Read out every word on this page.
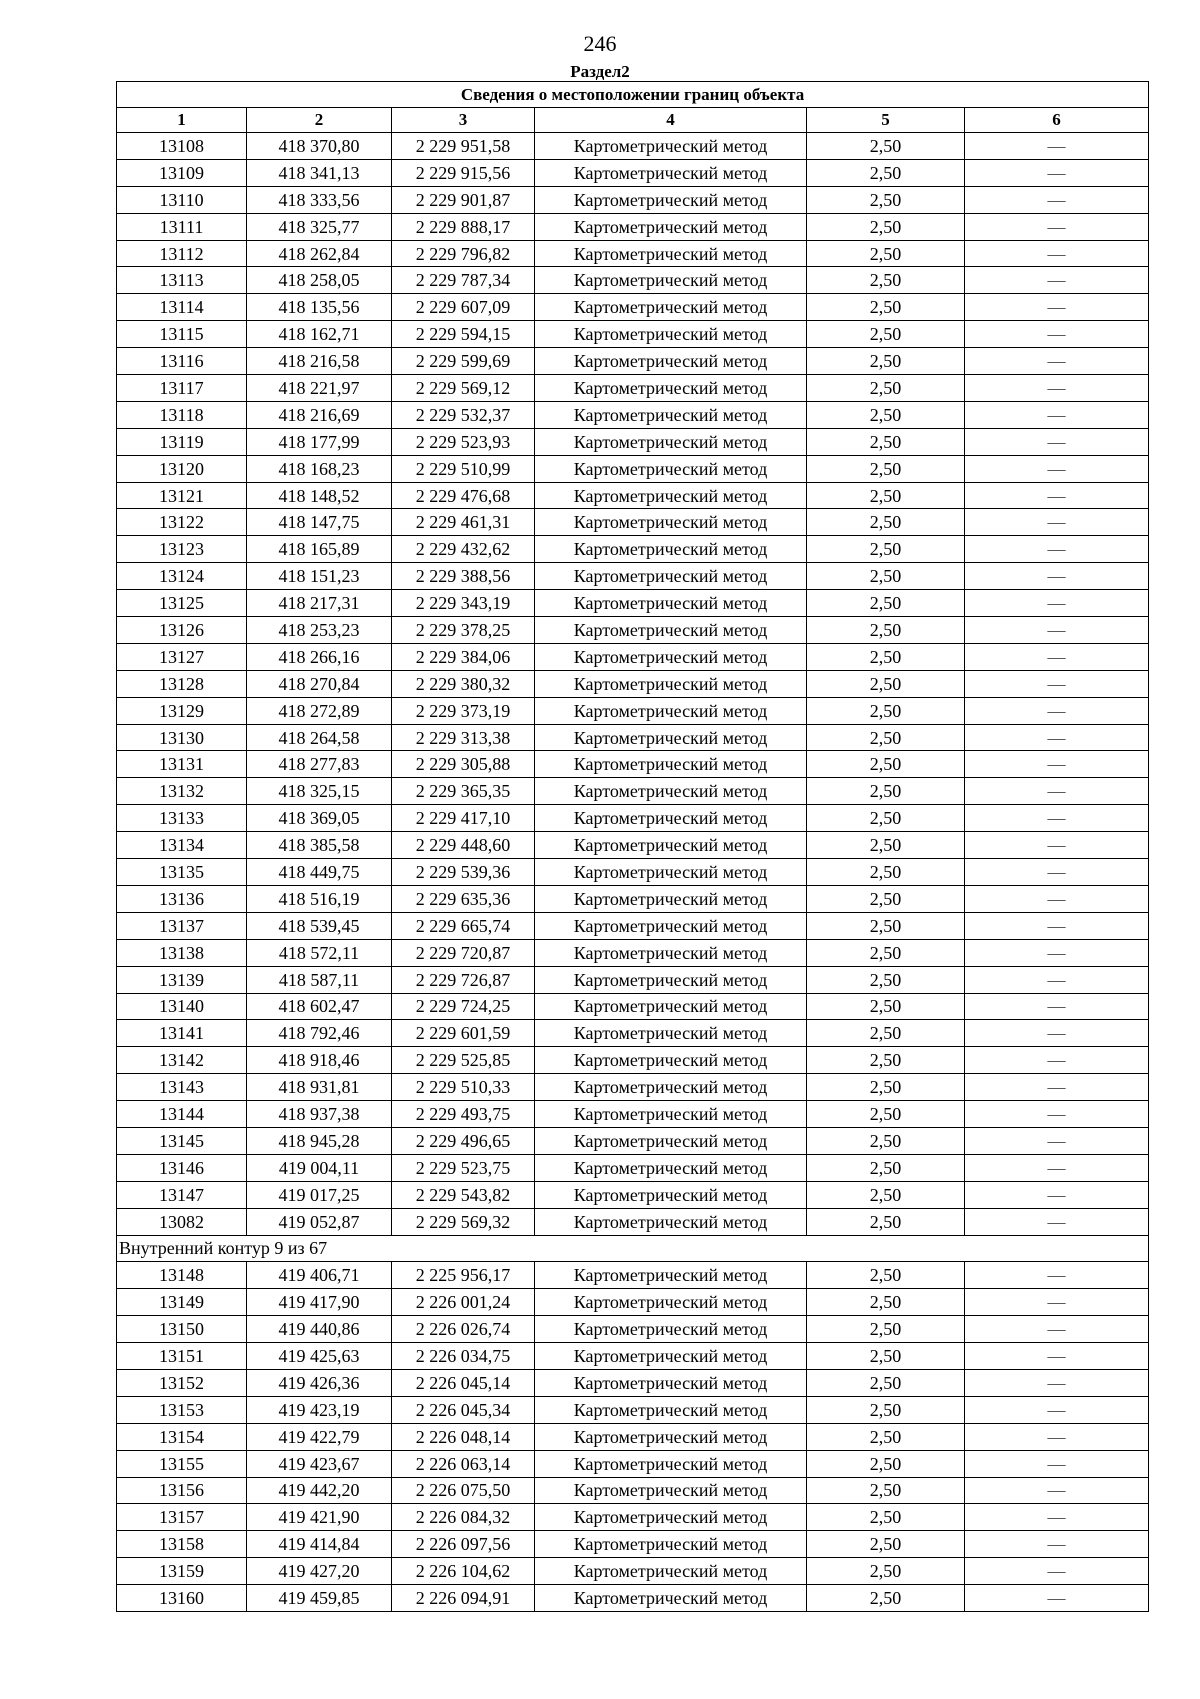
246
Раздел2
Сведения о местоположении границ объекта					
1	2	3	4	5	6
13108	418 370,80	2 229 951,58	Картометрический метод	2,50	—
13109	418 341,13	2 229 915,56	Картометрический метод	2,50	—
13110	418 333,56	2 229 901,87	Картометрический метод	2,50	—
13111	418 325,77	2 229 888,17	Картометрический метод	2,50	—
13112	418 262,84	2 229 796,82	Картометрический метод	2,50	—
13113	418 258,05	2 229 787,34	Картометрический метод	2,50	—
13114	418 135,56	2 229 607,09	Картометрический метод	2,50	—
13115	418 162,71	2 229 594,15	Картометрический метод	2,50	—
13116	418 216,58	2 229 599,69	Картометрический метод	2,50	—
13117	418 221,97	2 229 569,12	Картометрический метод	2,50	—
13118	418 216,69	2 229 532,37	Картометрический метод	2,50	—
13119	418 177,99	2 229 523,93	Картометрический метод	2,50	—
13120	418 168,23	2 229 510,99	Картометрический метод	2,50	—
13121	418 148,52	2 229 476,68	Картометрический метод	2,50	—
13122	418 147,75	2 229 461,31	Картометрический метод	2,50	—
13123	418 165,89	2 229 432,62	Картометрический метод	2,50	—
13124	418 151,23	2 229 388,56	Картометрический метод	2,50	—
13125	418 217,31	2 229 343,19	Картометрический метод	2,50	—
13126	418 253,23	2 229 378,25	Картометрический метод	2,50	—
13127	418 266,16	2 229 384,06	Картометрический метод	2,50	—
13128	418 270,84	2 229 380,32	Картометрический метод	2,50	—
13129	418 272,89	2 229 373,19	Картометрический метод	2,50	—
13130	418 264,58	2 229 313,38	Картометрический метод	2,50	—
13131	418 277,83	2 229 305,88	Картометрический метод	2,50	—
13132	418 325,15	2 229 365,35	Картометрический метод	2,50	—
13133	418 369,05	2 229 417,10	Картометрический метод	2,50	—
13134	418 385,58	2 229 448,60	Картометрический метод	2,50	—
13135	418 449,75	2 229 539,36	Картометрический метод	2,50	—
13136	418 516,19	2 229 635,36	Картометрический метод	2,50	—
13137	418 539,45	2 229 665,74	Картометрический метод	2,50	—
13138	418 572,11	2 229 720,87	Картометрический метод	2,50	—
13139	418 587,11	2 229 726,87	Картометрический метод	2,50	—
13140	418 602,47	2 229 724,25	Картометрический метод	2,50	—
13141	418 792,46	2 229 601,59	Картометрический метод	2,50	—
13142	418 918,46	2 229 525,85	Картометрический метод	2,50	—
13143	418 931,81	2 229 510,33	Картометрический метод	2,50	—
13144	418 937,38	2 229 493,75	Картометрический метод	2,50	—
13145	418 945,28	2 229 496,65	Картометрический метод	2,50	—
13146	419 004,11	2 229 523,75	Картометрический метод	2,50	—
13147	419 017,25	2 229 543,82	Картометрический метод	2,50	—
13082	419 052,87	2 229 569,32	Картометрический метод	2,50	—
Внутренний контур 9 из 67					
13148	419 406,71	2 225 956,17	Картометрический метод	2,50	—
13149	419 417,90	2 226 001,24	Картометрический метод	2,50	—
13150	419 440,86	2 226 026,74	Картометрический метод	2,50	—
13151	419 425,63	2 226 034,75	Картометрический метод	2,50	—
13152	419 426,36	2 226 045,14	Картометрический метод	2,50	—
13153	419 423,19	2 226 045,34	Картометрический метод	2,50	—
13154	419 422,79	2 226 048,14	Картометрический метод	2,50	—
13155	419 423,67	2 226 063,14	Картометрический метод	2,50	—
13156	419 442,20	2 226 075,50	Картометрический метод	2,50	—
13157	419 421,90	2 226 084,32	Картометрический метод	2,50	—
13158	419 414,84	2 226 097,56	Картометрический метод	2,50	—
13159	419 427,20	2 226 104,62	Картометрический метод	2,50	—
13160	419 459,85	2 226 094,91	Картометрический метод	2,50	—
